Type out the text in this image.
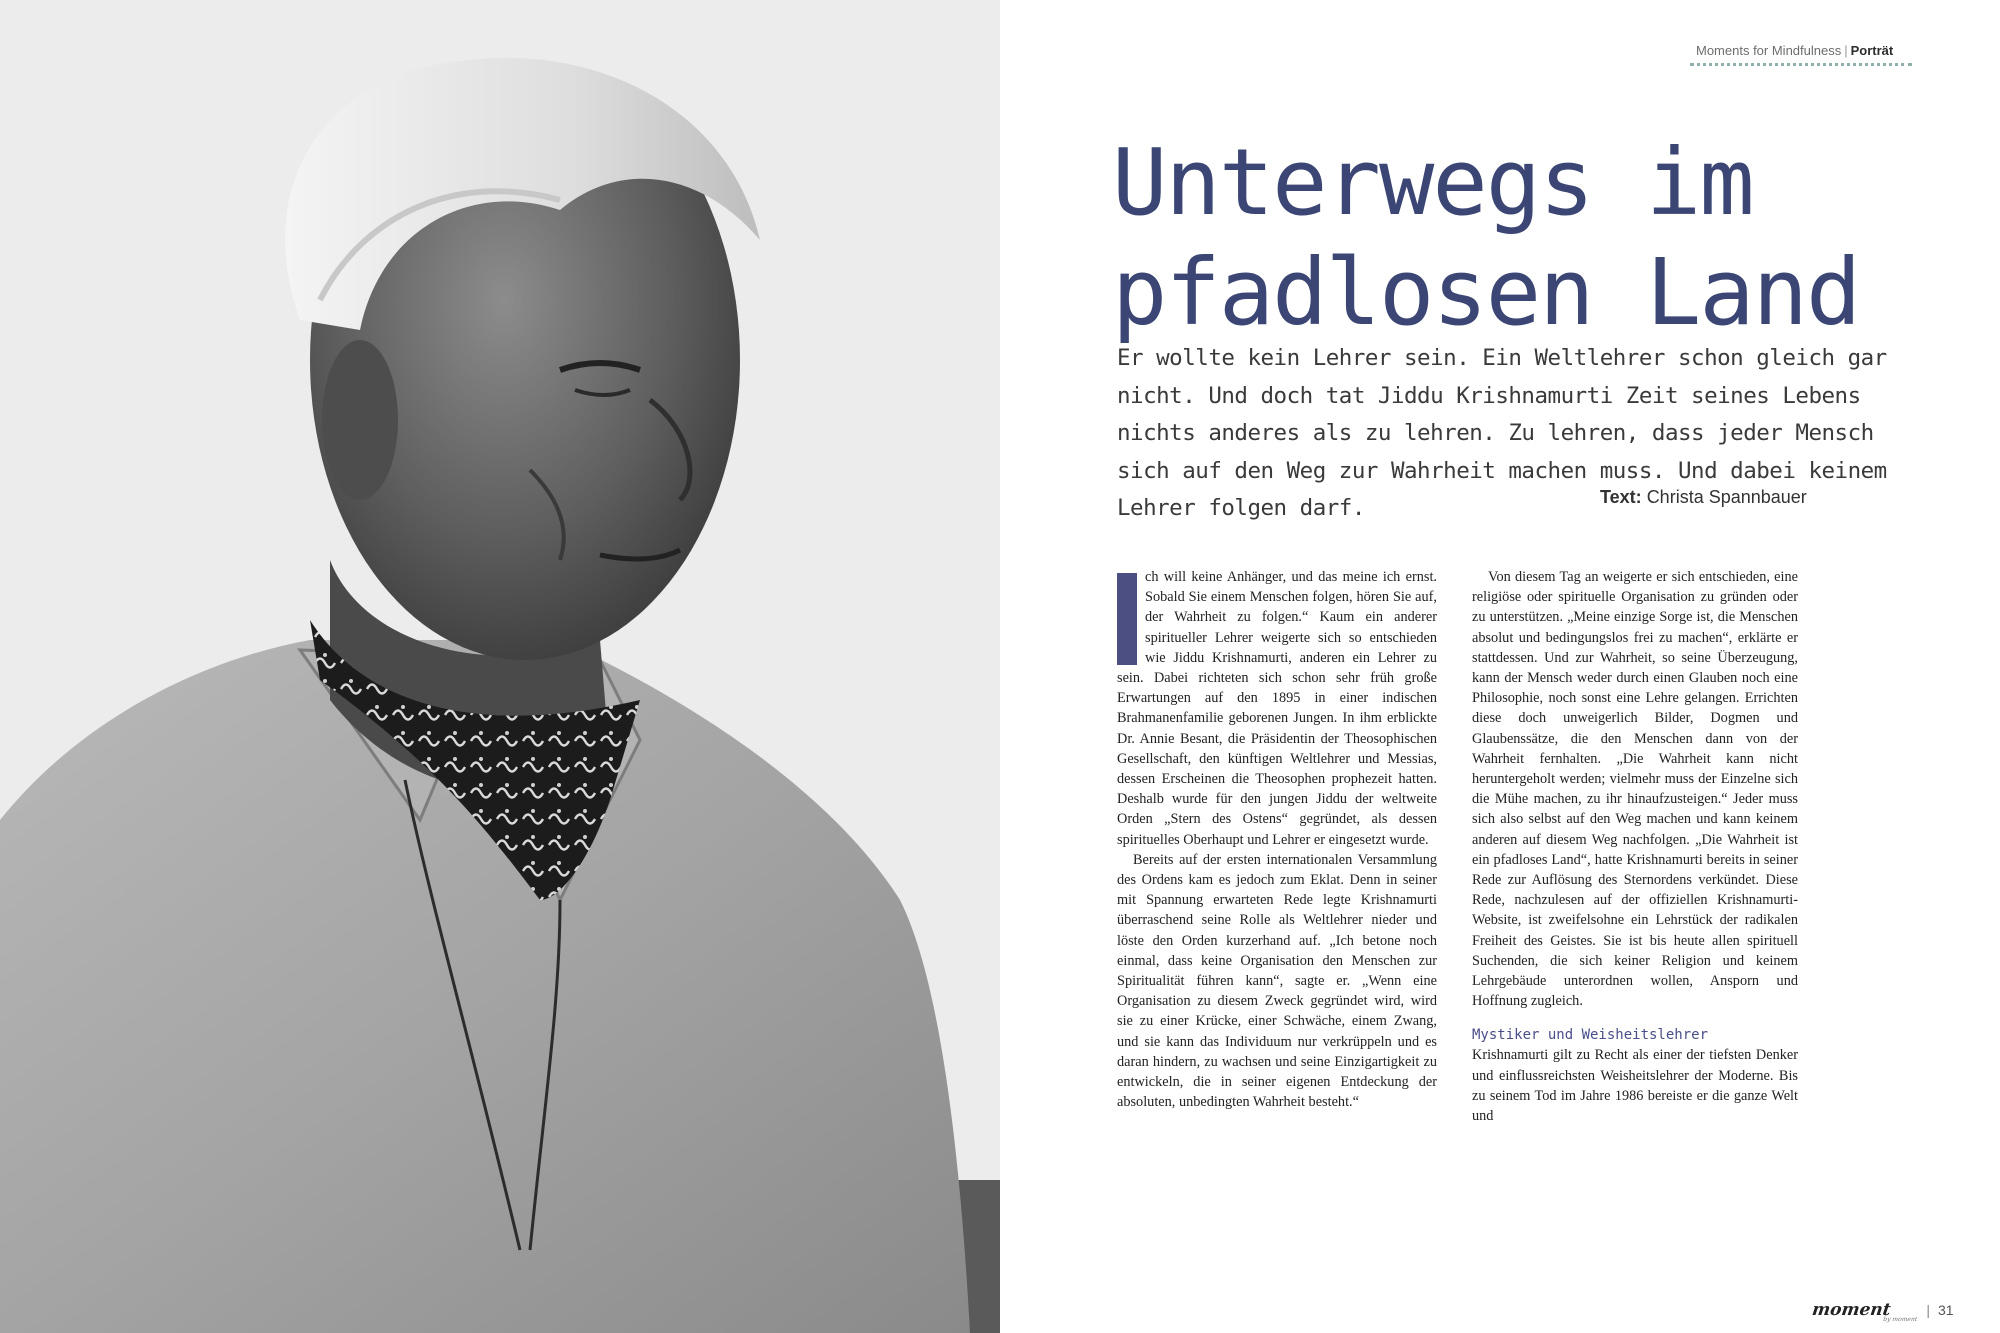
Moments for Mindfulness | Porträt
Unterwegs im
pfadlosen Land

Er wollte kein Lehrer sein. Ein Weltlehrer schon gleich gar nicht. Und doch tat Jiddu Krishnamurti Zeit seines Lebens nichts anderes als zu lehren. Zu lehren, dass jeder Mensch sich auf den Weg zur Wahrheit machen muss. Und dabei keinem Lehrer folgen darf.	Text: Christa Spannbauer

ch will keine Anhänger, und das meine ich ernst. Sobald Sie einem Menschen folgen, hören Sie auf, der Wahrheit zu folgen.“ Kaum ein anderer spiritueller Lehrer weigerte sich so entschieden wie Jiddu Krishnamurti, anderen ein Lehrer zu sein. Dabei richteten sich schon sehr früh große Erwartungen auf den 1895 in einer indischen Brahmanenfamilie geborenen Jungen. In ihm erblickte Dr. Annie Besant, die Präsidentin der Theosophischen Gesellschaft, den künftigen Weltlehrer und Messias, dessen Erscheinen die Theosophen prophezeit hatten. Deshalb wurde für den jungen Jiddu der weltweite Orden „Stern des Ostens“ gegründet, als dessen spirituelles Oberhaupt und Lehrer er eingesetzt wurde.

Bereits auf der ersten internationalen Versammlung des Ordens kam es jedoch zum Eklat. Denn in seiner mit Spannung erwarteten Rede legte Krishnamurti überraschend seine Rolle als Weltlehrer nieder und löste den Orden kurzerhand auf. „Ich betone noch einmal, dass keine Organisation den Menschen zur Spiritualität führen kann“, sagte er. „Wenn eine Organisation zu diesem Zweck gegründet wird, wird sie zu einer Krücke, einer Schwäche, einem Zwang, und sie kann das Individuum nur verkrüppeln und es daran hindern, zu wachsen und seine Einzigartigkeit zu entwickeln, die in seiner eigenen Entdeckung der absoluten, unbedingten Wahrheit besteht.“

Von diesem Tag an weigerte er sich entschieden, eine religiöse oder spirituelle Organisation zu gründen oder zu unterstützen. „Meine einzige Sorge ist, die Menschen absolut und bedingungslos frei zu machen“, erklärte er stattdessen. Und zur Wahrheit, so seine Überzeugung, kann der Mensch weder durch einen Glauben noch eine Philosophie, noch sonst eine Lehre gelangen. Errichten diese doch unweigerlich Bilder, Dogmen und Glaubenssätze, die den Menschen dann von der Wahrheit fernhalten. „Die Wahrheit kann nicht heruntergeholt werden; vielmehr muss der Einzelne sich die Mühe machen, zu ihr hinaufzusteigen.“ Jeder muss sich also selbst auf den Weg machen und kann keinem anderen auf diesem Weg nachfolgen. „Die Wahrheit ist ein pfadloses Land“, hatte Krishnamurti bereits in seiner Rede zur Auflösung des Sternordens verkündet. Diese Rede, nachzulesen auf der offiziellen Krishnamurti-Website, ist zweifelsohne ein Lehrstück der radikalen Freiheit des Geistes. Sie ist bis heute allen spirituell Suchenden, die sich keiner Religion und keinem Lehrgebäude unterordnen wollen, Ansporn und Hoffnung zugleich.

Mystiker und Weisheitslehrer

Krishnamurti gilt zu Recht als einer der tiefsten Denker und einflussreichsten Weisheitslehrer der Moderne. Bis zu seinem Tod im Jahre 1986 bereiste er die ganze Welt und

moment$_{by moment}$| 31
